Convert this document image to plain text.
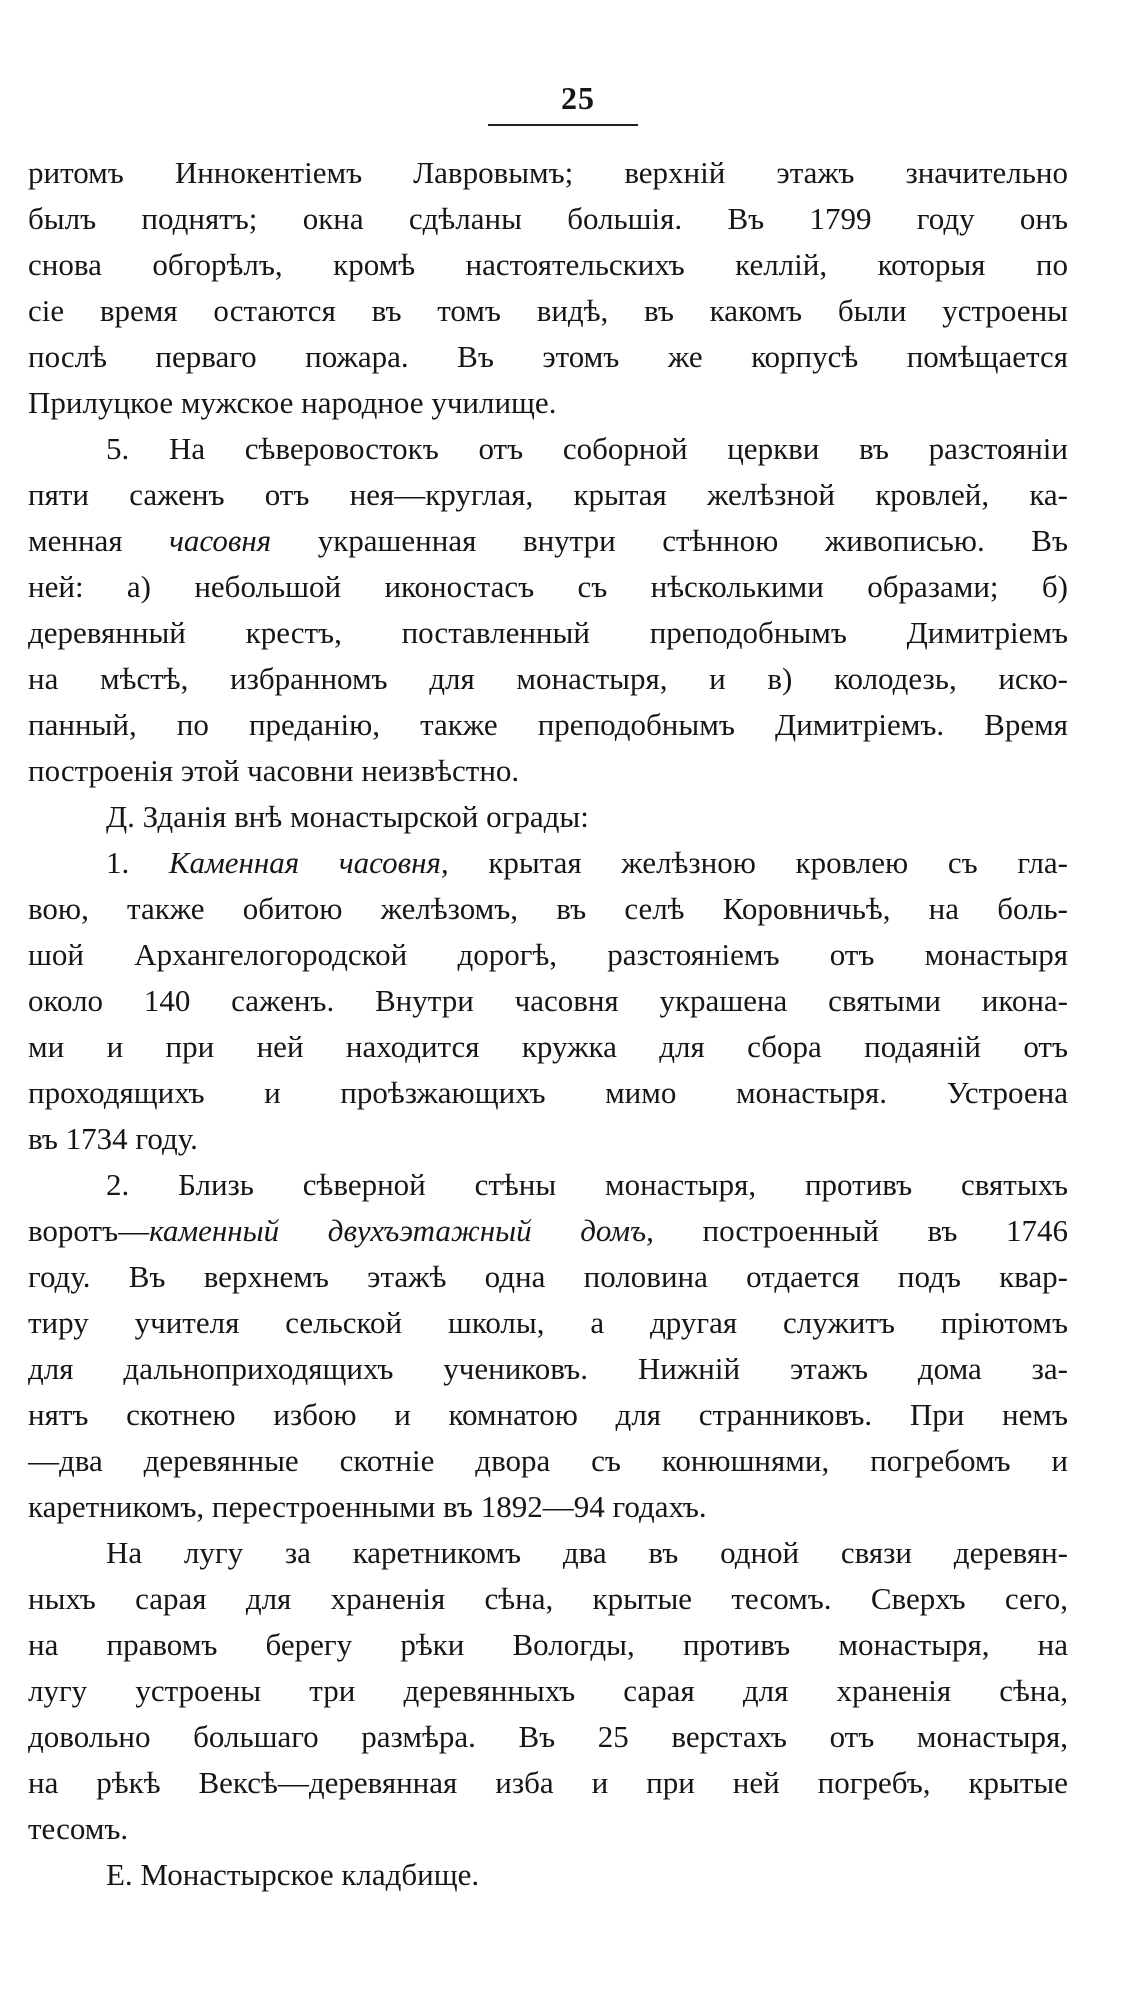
25
ритомъ Иннокентіемъ Лавровымъ; верхній этажъ значительно
былъ поднятъ; окна сдѣланы большія. Въ 1799 году онъ
снова обгорѣлъ, кромѣ настоятельскихъ келлій, которыя по
сіе время остаются въ томъ видѣ, въ какомъ были устроены
послѣ перваго пожара. Въ этомъ же корпусѣ помѣщается
Прилуцкое мужское народное училище.
5. На сѣверовостокъ отъ соборной церкви въ разстояніи
пяти саженъ отъ нея—круглая, крытая желѣзной кровлей, ка-
менная часовня украшенная внутри стѣнною живописью. Въ
ней: а) небольшой иконостасъ съ нѣсколькими образами; б)
деревянный крестъ, поставленный преподобнымъ Димитріемъ
на мѣстѣ, избранномъ для монастыря, и в) колодезь, иско-
панный, по преданію, также преподобнымъ Димитріемъ. Время
построенія этой часовни неизвѣстно.
Д. Зданія внѣ монастырской ограды:
1. Каменная часовня, крытая желѣзною кровлею съ гла-
вою, также обитою желѣзомъ, въ селѣ Коровничьѣ, на боль-
шой Архангелогородской дорогѣ, разстояніемъ отъ монастыря
около 140 саженъ. Внутри часовня украшена святыми икона-
ми и при ней находится кружка для сбора подаяній отъ
проходящихъ и проѣзжающихъ мимо монастыря. Устроена
въ 1734 году.
2. Близь сѣверной стѣны монастыря, противъ святыхъ
воротъ—каменный двухъэтажный домъ, построенный въ 1746
году. Въ верхнемъ этажѣ одна половина отдается подъ квар-
тиру учителя сельской школы, а другая служитъ пріютомъ
для дальноприходящихъ учениковъ. Нижній этажъ дома за-
нятъ скотнею избою и комнатою для странниковъ. При немъ
—два деревянные скотніе двора съ конюшнями, погребомъ и
каретникомъ, перестроенными въ 1892—94 годахъ.
На лугу за каретникомъ два въ одной связи деревян-
ныхъ сарая для храненія сѣна, крытые тесомъ. Сверхъ сего,
на правомъ берегу рѣки Вологды, противъ монастыря, на
лугу устроены три деревянныхъ сарая для храненія сѣна,
довольно большаго размѣра. Въ 25 верстахъ отъ монастыря,
на рѣкѣ Вексѣ—деревянная изба и при ней погребъ, крытые
тесомъ.
Е. Монастырское кладбище.
